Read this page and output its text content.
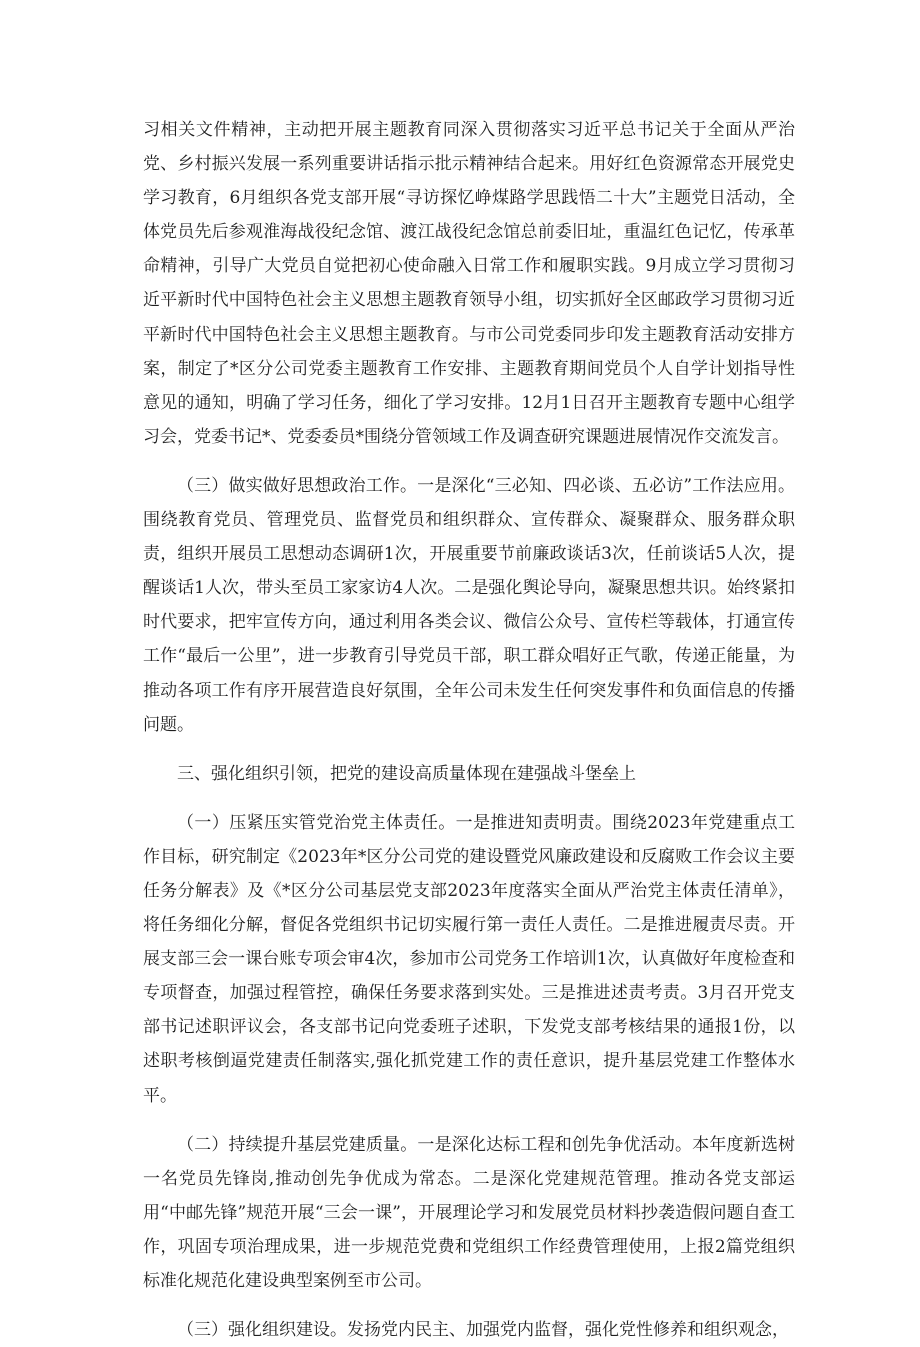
习相关文件精神，主动把开展主题教育同深入贯彻落实习近平总书记关于全面从严治党、乡村振兴发展一系列重要讲话指示批示精神结合起来。用好红色资源常态开展党史学习教育，6月组织各党支部开展“寻访探忆峥煤路学思践悟二十大”主题党日活动，全体党员先后参观淮海战役纪念馆、渡江战役纪念馆总前委旧址，重温红色记忆，传承革命精神，引导广大党员自觉把初心使命融入日常工作和履职实践。9月成立学习贯彻习近平新时代中国特色社会主义思想主题教育领导小组，切实抓好全区邮政学习贯彻习近平新时代中国特色社会主义思想主题教育。与市公司党委同步印发主题教育活动安排方案，制定了*区分公司党委主题教育工作安排、主题教育期间党员个人自学计划指导性意见的通知，明确了学习任务，细化了学习安排。12月1日召开主题教育专题中心组学习会，党委书记*、党委委员*围绕分管领域工作及调查研究课题进展情况作交流发言。

（三）做实做好思想政治工作。一是深化“三必知、四必谈、五必访”工作法应用。围绕教育党员、管理党员、监督党员和组织群众、宣传群众、凝聚群众、服务群众职责，组织开展员工思想动态调研1次，开展重要节前廉政谈话3次，任前谈话5人次，提醒谈话1人次，带头至员工家家访4人次。二是强化舆论导向，凝聚思想共识。始终紧扣时代要求，把牢宣传方向，通过利用各类会议、微信公众号、宣传栏等载体，打通宣传工作“最后一公里”，进一步教育引导党员干部，职工群众唱好正气歌，传递正能量，为推动各项工作有序开展营造良好氛围，全年公司未发生任何突发事件和负面信息的传播问题。

三、强化组织引领，把党的建设高质量体现在建强战斗堡垒上

（一）压紧压实管党治党主体责任。一是推进知责明责。围绕2023年党建重点工作目标，研究制定《2023年*区分公司党的建设暨党风廉政建设和反腐败工作会议主要任务分解表》及《*区分公司基层党支部2023年度落实全面从严治党主体责任清单》，将任务细化分解，督促各党组织书记切实履行第一责任人责任。二是推进履责尽责。开展支部三会一课台账专项会审4次，参加市公司党务工作培训1次，认真做好年度检查和专项督查，加强过程管控，确保任务要求落到实处。三是推进述责考责。3月召开党支部书记述职评议会，各支部书记向党委班子述职，下发党支部考核结果的通报1份，以述职考核倒逼党建责任制落实,强化抓党建工作的责任意识，提升基层党建工作整体水平。

（二）持续提升基层党建质量。一是深化达标工程和创先争优活动。本年度新选树一名党员先锋岗,推动创先争优成为常态。二是深化党建规范管理。推动各党支部运用“中邮先锋”规范开展“三会一课”，开展理论学习和发展党员材料抄袭造假问题自查工作，巩固专项治理成果，进一步规范党费和党组织工作经费管理使用，上报2篇党组织标准化规范化建设典型案例至市公司。

（三）强化组织建设。发扬党内民主、加强党内监督，强化党性修养和组织观念，
